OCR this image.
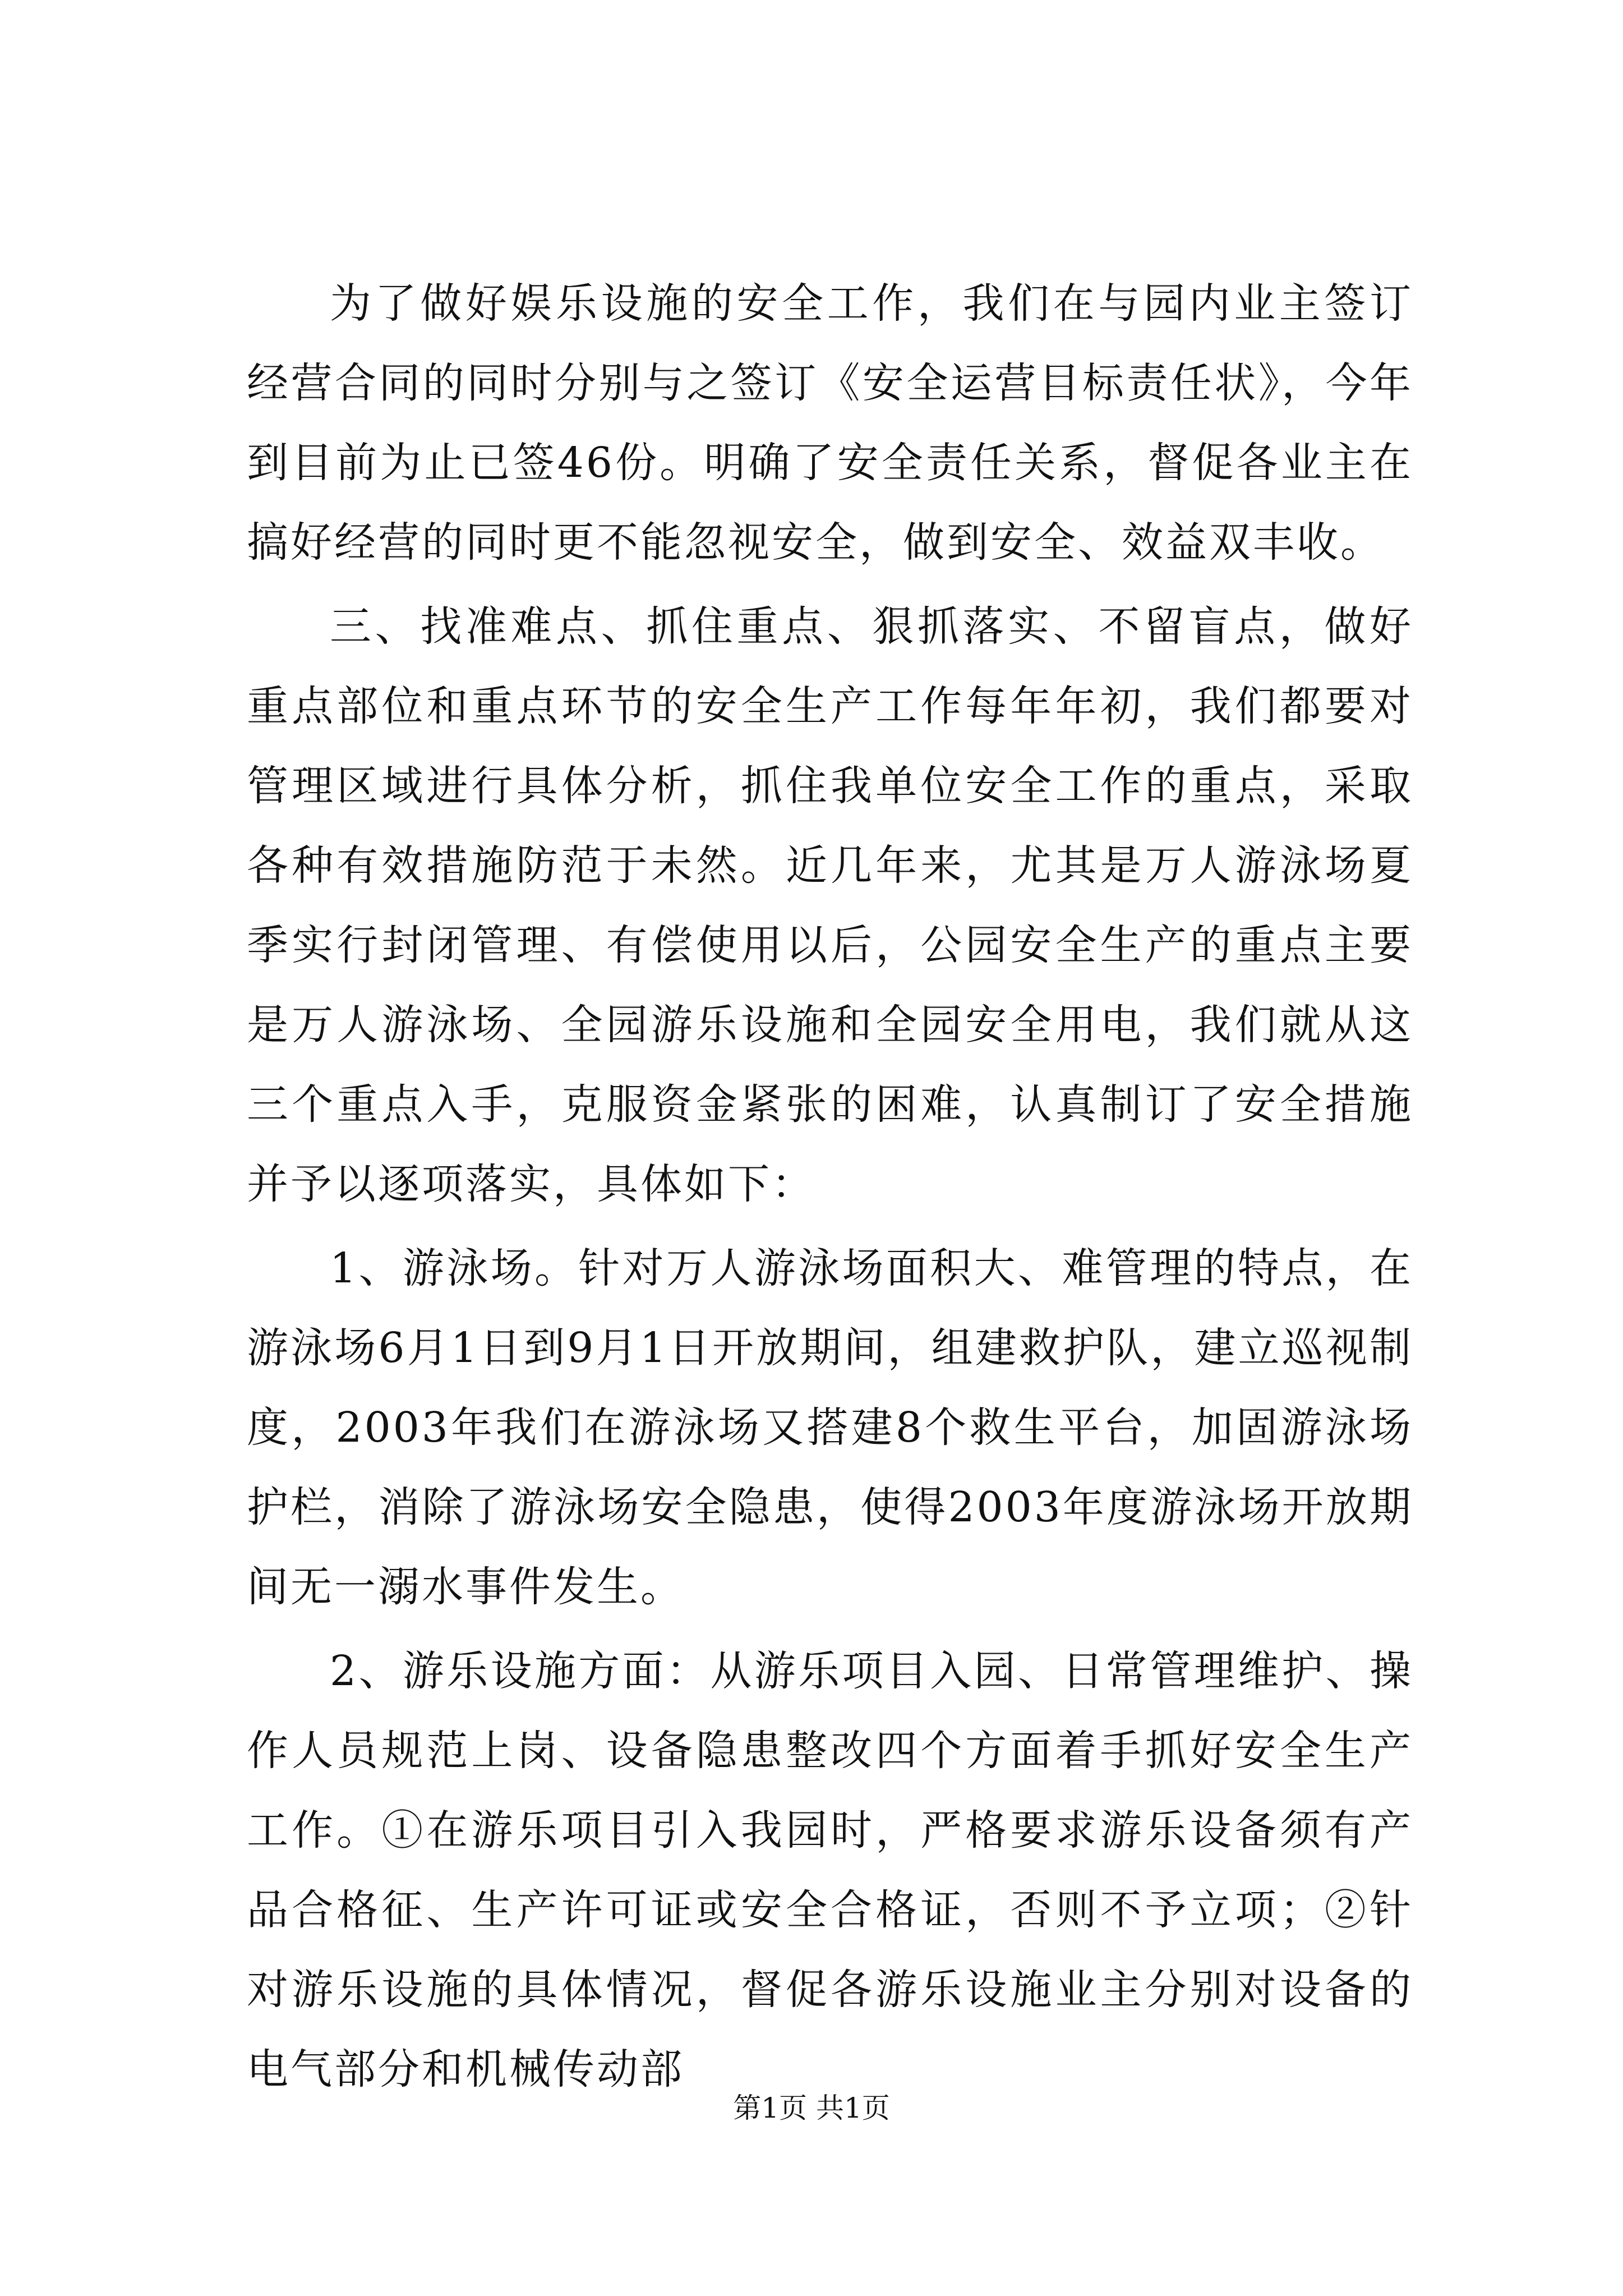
为了做好娱乐设施的安全工作，我们在与园内业主签订经营合同的同时分别与之签订《安全运营目标责任状》，今年到目前为止已签46份。明确了安全责任关系，督促各业主在搞好经营的同时更不能忽视安全，做到安全、效益双丰收。

三、找准难点、抓住重点、狠抓落实、不留盲点，做好重点部位和重点环节的安全生产工作每年年初，我们都要对管理区域进行具体分析，抓住我单位安全工作的重点，采取各种有效措施防范于未然。近几年来，尤其是万人游泳场夏季实行封闭管理、有偿使用以后，公园安全生产的重点主要是万人游泳场、全园游乐设施和全园安全用电，我们就从这三个重点入手，克服资金紧张的困难，认真制订了安全措施并予以逐项落实，具体如下：

1、游泳场。针对万人游泳场面积大、难管理的特点，在游泳场6月1日到9月1日开放期间，组建救护队，建立巡视制度，2003年我们在游泳场又搭建8个救生平台，加固游泳场护栏，消除了游泳场安全隐患，使得2003年度游泳场开放期间无一溺水事件发生。

2、游乐设施方面：从游乐项目入园、日常管理维护、操作人员规范上岗、设备隐患整改四个方面着手抓好安全生产工作。①在游乐项目引入我园时，严格要求游乐设备须有产品合格征、生产许可证或安全合格证，否则不予立项；②针对游乐设施的具体情况，督促各游乐设施业主分别对设备的电气部分和机械传动部

第1页 共1页
